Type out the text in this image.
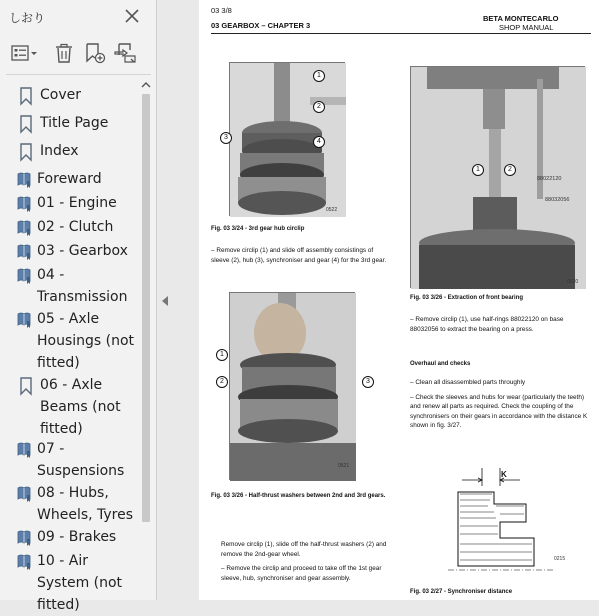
しおり
Cover
Title Page
Index
Foreward
01 - Engine
02 - Clutch
03 - Gearbox
04 - Transmission
05 - Axle Housings (not fitted)
06 - Axle Beams (not fitted)
07 - Suspensions
08 - Hubs, Wheels, Tyres
09 - Brakes
10 - Air System (not fitted)
03 3/8
03 GEARBOX – CHAPTER 3
BETA MONTECARLO
SHOP MANUAL
0522
1
2
3
4
Fig. 03 3/24 - 3rd gear hub circlip
– Remove circlip (1) and slide off assembly consistings of sleeve (2), hub (3), synchroniser and gear (4) for the 3rd gear.
0521
1
2	3
Fig. 03 3/26 - Half-thrust washers between 2nd and 3rd gears.

Remove circlip (1), slide off the half-thrust washers (2) and remove the 2nd-gear wheel.

– Remove the circlip and proceed to take off the 1st gear sleeve, hub, synchroniser and gear assembly.

0520
1	2
88022120
88032056
Fig. 03 3/26 - Extraction of front bearing
– Remove circlip (1), use half-rings 88022120 on base 88032056 to extract the bearing on a press.
Overhaul and checks

– Clean all disassembled parts throughly

– Check the sleeves and hubs for wear (particularly the teeth) and renew all parts as required. Check the coupling of the synchronisers on their gears in accordance with the distance K shown in fig. 3/27.

K
0215
Fig. 03 2/27 - Synchroniser distance
